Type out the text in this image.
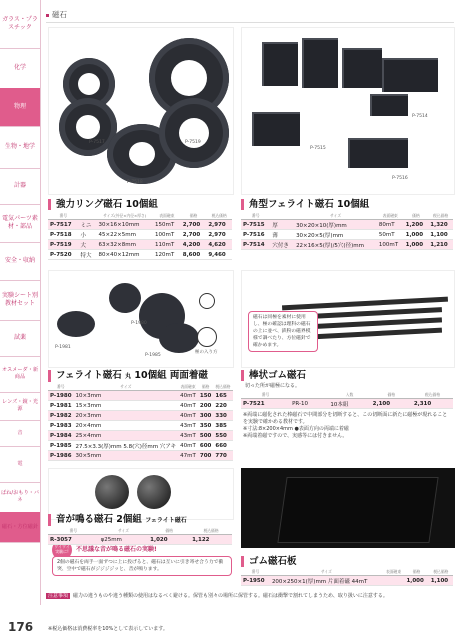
ガラス・プラスチック
化学
物理
生物・地学
計器
電気パーツ素材・部品
安全・収納
実験シート別教材セット
試薬
オスメーダ・新商品
レンズ・鏡・光源
音
電
ばね/おもり・バネ
磁石・方位磁針
磁石
P-7517	P-7519
P-7518
P-7514
P-7515
P-7516
強力リング磁石 10個組
番号		サイズ(外径×内径×厚さ)	表面磁束	価格	税込価格
P-7517	ミニ	30×16×10mm	150mT	2,700	2,970
P-7518	小	45×22×5mm	100mT	2,700	2,970
P-7519	大	63×32×8mm	110mT	4,200	4,620
P-7520	特大	80×40×12mm	120mT	8,600	9,460
角型フェライト磁石 10個組
番号		サイズ	表面磁束	価格	税込価格
P-7515	厚	30×20×10(厚)mm	80mT	1,200	1,320
P-7516	薄	30×20×5(厚)mm	50mT	1,000	1,100
P-7514	穴付き	22×16×5(厚)/5穴(径)mm	100mT	1,000	1,210
P-1980
P-1981
P-1985
極の入り方
磁石は同極を素材に使用し、極の確認は理科の磁石の上に並べ、鉄粉の磁界模様で調べたり、方位磁針で確かめます。
フェライト磁石 丸 10個組 両面着磁
番号	サイズ	表面磁束	価格	税込価格
P-1980	10×3mm	40mT	150	165
P-1981	15×3mm	40mT	200	220
P-1982	20×3mm	40mT	300	330
P-1983	20×4mm	43mT	350	385
P-1984	25×4mm	43mT	500	550
P-1985	27.5×3.3(厚)mm 5.8(穴)径mm 穴アキ	40mT	600	660
P-1986	30×5mm	47mT	700	770
棒状ゴム磁石
切った所が磁極になる。
番号		入数	価格	税込価格
P-7521	PR-10	10本組	2,100	2,310
※両端に磁化された棒磁石で中間部分を切断すると、この切断面に新たに磁極が現れることを実験で確かめる教材です。
※寸法:8×200×4mm ●表面方向の両端に着磁
※両端着磁ですので、実感等には付きません。
ワイワイ 実験に!	不思議な音が鳴る磁石の実験!
2個の磁石を両手一面ずつに上に投げると、磁石は互いに引き寄せ合う力で衝突、空中で磁石がジジジジッと、音が鳴ります。
音が鳴る磁石 2個組 フェライト磁石
番号	サイズ	価格	税込価格
R-3057	φ25mm	1,020	1,122
ゴム磁石板
番号	サイズ	表面磁束	価格	税込価格
P-1950	200×250×1(厚)mm 片面着磁 44mT		1,000	1,100
注意事項 磁力の違うものや違う種類の使用はなるべく避ける。保管も別々の場所に保管する。磁石は衝撃で割れてしまうため、取り扱いに注意する。
176	※税込価格は消費税率を10%として表示しています。
